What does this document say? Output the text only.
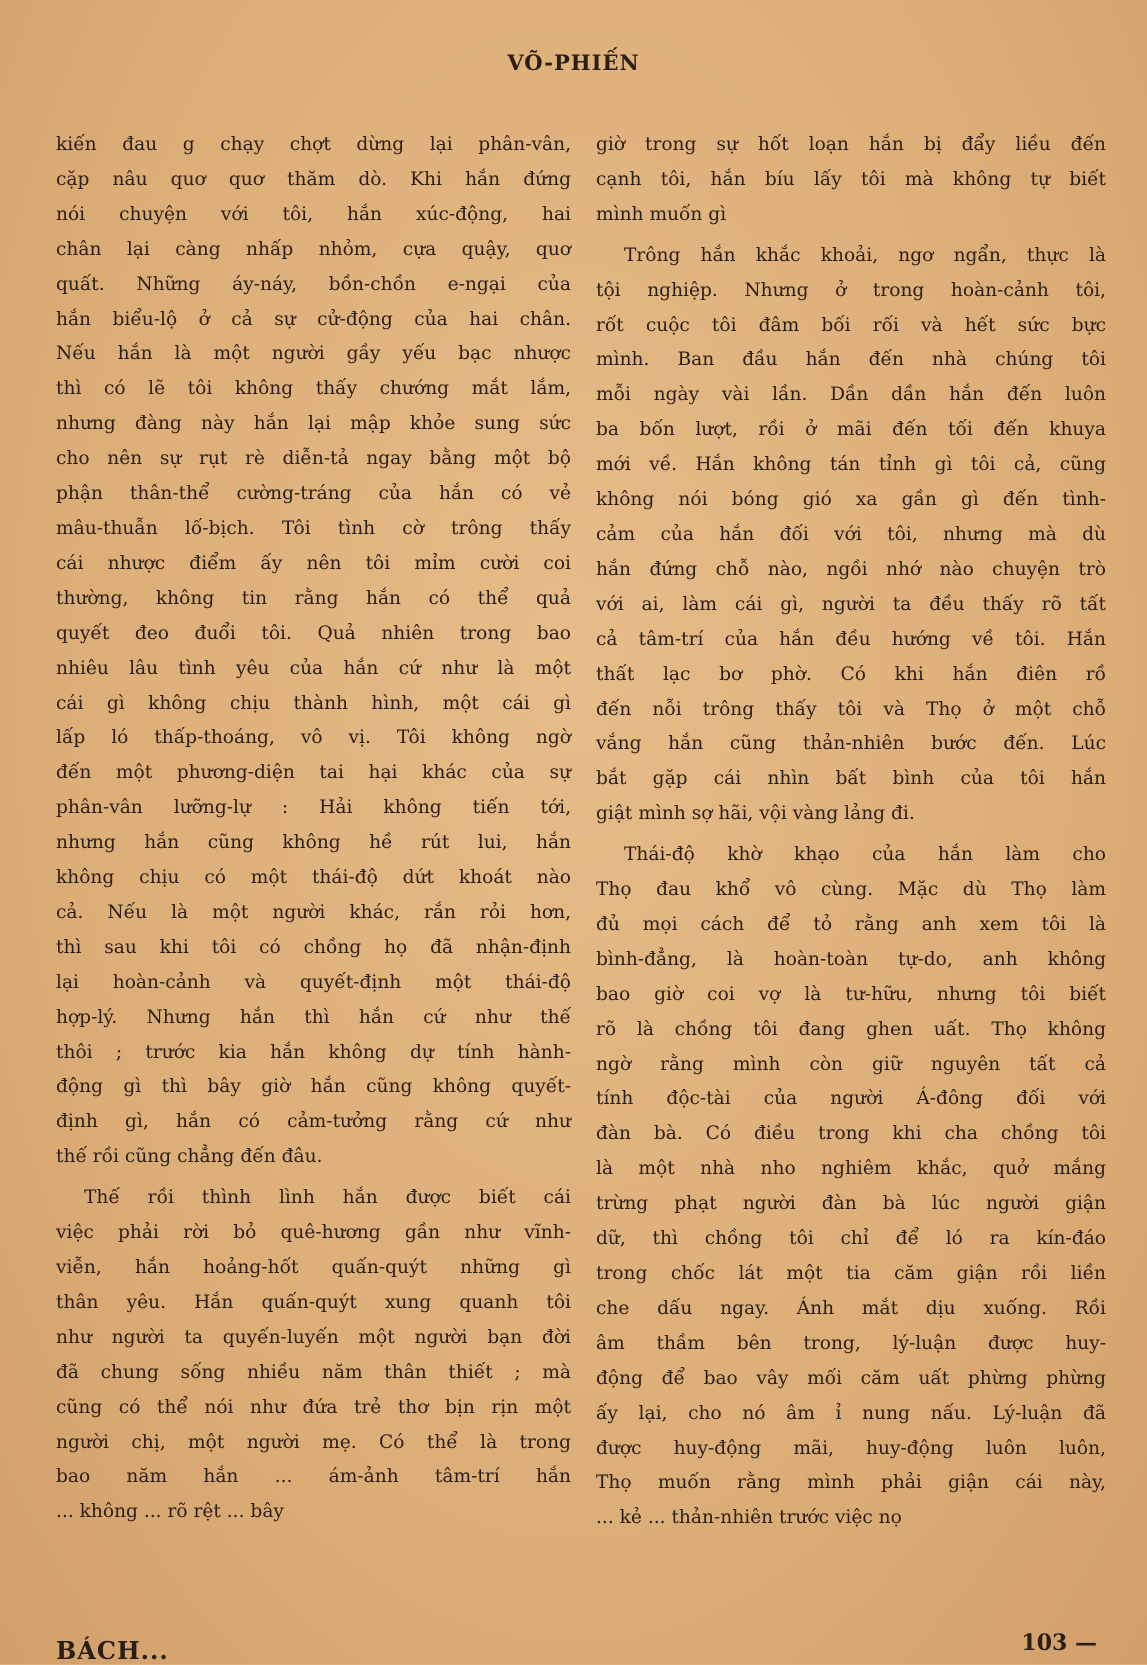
VÕ-PHIẾN

kiến đau g chạy chợt dừng lại phân-vân,

cặp nâu quơ quơ thăm dò. Khi hắn đứng

nói chuyện với tôi, hắn xúc-động, hai

chân lại càng nhấp nhỏm, cựa quậy, quơ

quất. Những áy-náy, bồn-chồn e-ngại của

hắn biểu-lộ ở cả sự cử-động của hai chân.

Nếu hắn là một người gầy yếu bạc nhược

thì có lẽ tôi không thấy chướng mắt lắm,

nhưng đàng này hắn lại mập khỏe sung sức

cho nên sự rụt rè diễn-tả ngay bằng một bộ

phận thân-thể cường-tráng của hắn có vẻ

mâu-thuẫn lố-bịch. Tôi tình cờ trông thấy

cái nhược điểm ấy nên tôi mỉm cười coi

thường, không tin rằng hắn có thể quả

quyết đeo đuổi tôi. Quả nhiên trong bao

nhiêu lâu tình yêu của hắn cứ như là một

cái gì không chịu thành hình, một cái gì

lấp ló thấp-thoáng, vô vị. Tôi không ngờ

đến một phương-diện tai hại khác của sự

phân-vân lưỡng-lự : Hải không tiến tới,

nhưng hắn cũng không hề rút lui, hắn

không chịu có một thái-độ dứt khoát nào

cả. Nếu là một người khác, rắn rỏi hơn,

thì sau khi tôi có chồng họ đã nhận-định

lại hoàn-cảnh và quyết-định một thái-độ

hợp-lý. Nhưng hắn thì hắn cứ như thế

thôi ; trước kia hắn không dự tính hành-

động gì thì bây giờ hắn cũng không quyết-

định gì, hắn có cảm-tưởng rằng cứ như

thế rồi cũng chẳng đến đâu.

Thế rồi thình lình hắn được biết cái

việc phải rời bỏ quê-hương gần như vĩnh-

viễn, hắn hoảng-hốt quấn-quýt những gì

thân yêu. Hắn quấn-quýt xung quanh tôi

như người ta quyến-luyến một người bạn đời

đã chung sống nhiều năm thân thiết ; mà

cũng có thể nói như đứa trẻ thơ bịn rịn một

người chị, một người mẹ. Có thể là trong

bao năm hắn ... ám-ảnh tâm-trí hắn

... không ... rõ rệt ... bây

giờ trong sự hốt loạn hắn bị đẩy liều đến

cạnh tôi, hắn bíu lấy tôi mà không tự biết

mình muốn gì

Trông hắn khắc khoải, ngơ ngẩn, thực là

tội nghiệp. Nhưng ở trong hoàn-cảnh tôi,

rốt cuộc tôi đâm bối rối và hết sức bực

mình. Ban đầu hắn đến nhà chúng tôi

mỗi ngày vài lần. Dần dần hắn đến luôn

ba bốn lượt, rồi ở mãi đến tối đến khuya

mới về. Hắn không tán tỉnh gì tôi cả, cũng

không nói bóng gió xa gần gì đến tình-

cảm của hắn đối với tôi, nhưng mà dù

hắn đứng chỗ nào, ngồi nhớ nào chuyện trò

với ai, làm cái gì, người ta đều thấy rõ tất

cả tâm-trí của hắn đều hướng về tôi. Hắn

thất lạc bơ phờ. Có khi hắn điên rồ

đến nỗi trông thấy tôi và Thọ ở một chỗ

vắng hắn cũng thản-nhiên bước đến. Lúc

bắt gặp cái nhìn bất bình của tôi hắn

giật mình sợ hãi, vội vàng lảng đi.

Thái-độ khờ khạo của hắn làm cho

Thọ đau khổ vô cùng. Mặc dù Thọ làm

đủ mọi cách để tỏ rằng anh xem tôi là

bình-đẳng, là hoàn-toàn tự-do, anh không

bao giờ coi vợ là tư-hữu, nhưng tôi biết

rõ là chồng tôi đang ghen uất. Thọ không

ngờ rằng mình còn giữ nguyên tất cả

tính độc-tài của người Á-đông đối với

đàn bà. Có điều trong khi cha chồng tôi

là một nhà nho nghiêm khắc, quở mắng

trừng phạt người đàn bà lúc người giận

dữ, thì chồng tôi chỉ để ló ra kín-đáo

trong chốc lát một tia căm giận rồi liền

che dấu ngay. Ánh mắt dịu xuống. Rồi

âm thầm bên trong, lý-luận được huy-

động để bao vây mối căm uất phừng phừng

ấy lại, cho nó âm ỉ nung nấu. Lý-luận đã

được huy-động mãi, huy-động luôn luôn,

Thọ muốn rằng mình phải giận cái này,

... kẻ ... thản-nhiên trước việc nọ

BÁCH...	103 —
